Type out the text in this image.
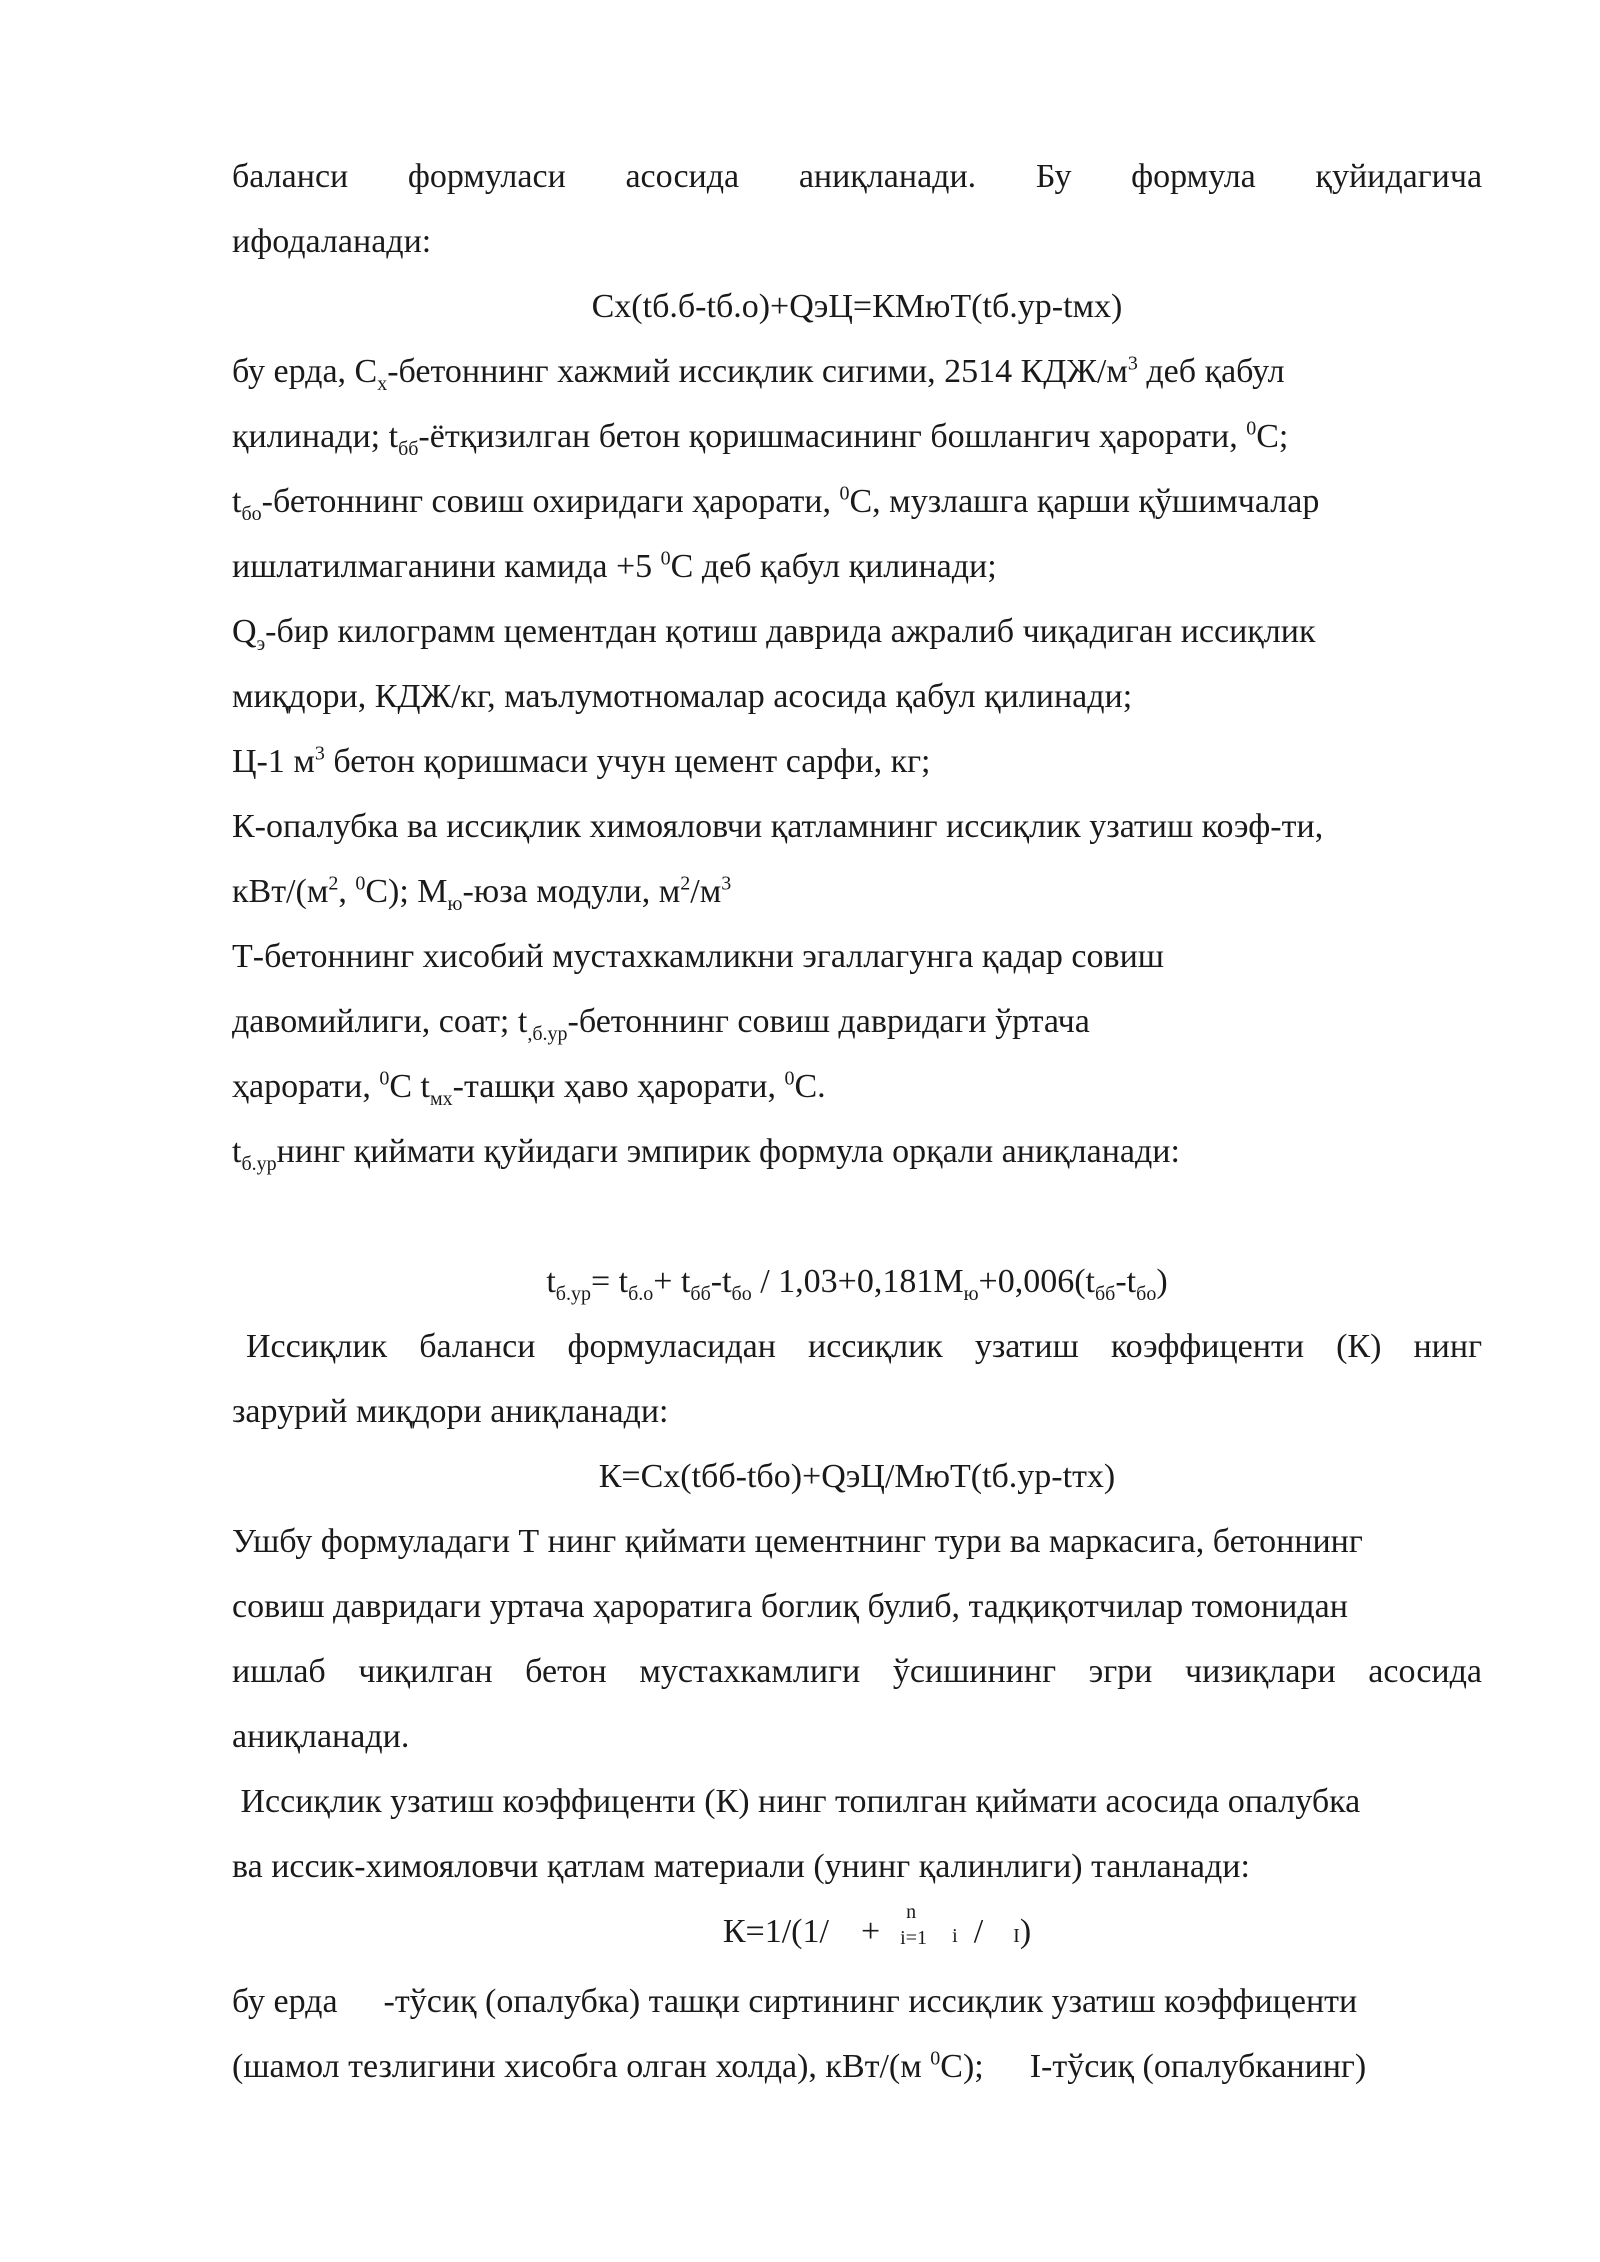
баланси формуласи асосида аниқланади. Бу формула қуйидагича

ифодаланади:

Cx(tб.б-tб.о)+QэЦ=КМюТ(tб.ур-tмх)

бу ерда, $С_х$-бетоннинг хажмий иссиқлик сигими, 2514 КДЖ/$м^3$ деб қабул

қилинади; $t_{бб}$-ётқизилган бетон қоришмасининг бошлангич ҳарорати, $^0$С;

$t_{бо}$-бетоннинг совиш охиридаги ҳарорати, $^0$С, музлашга қарши қўшимчалар

ишлатилмаганини камида +5 $^0$С деб қабул қилинади;

$Q_э$-бир килограмм цементдан қотиш даврида ажралиб чиқадиган иссиқлик

миқдори, КДЖ/кг, маълумотномалар асосида қабул қилинади;

Ц-1 $м^3$ бетон қоришмаси учун цемент сарфи, кг;

К-опалубка ва иссиқлик химояловчи қатламнинг иссиқлик узатиш коэф-ти,

кВт/($м^2$, $^0$С); $М_ю$-юза модули, $м^2/м^3$

Т-бетоннинг хисобий мустахкамликни эгаллагунга қадар совиш

давомийлиги, соат; $t_{,б.ур}$-бетоннинг совиш давридаги ўртача

ҳарорати, $^0$С $t_{мх}$-ташқи ҳаво ҳарорати, $^0$С.

$t_{б.ур}нинг$ қиймати қуйидаги эмпирик формула орқали аниқланади:

$t_{б.ур}= t_{б.о}+ t_{бб}-t_{бо} / 1,03+0,181М_ю+0,006(t_{бб}-t_{бо})$

Иссиқлик баланси формуласидан иссиқлик узатиш коэффиценти (К) нинг

зарурий миқдори аниқланади:

К=Cx(tбб-tбо)+QэЦ/МюТ(tб.ур-tтх)

Ушбу формуладаги Т нинг қиймати цементнинг тури ва маркасига, бетоннинг

совиш давридаги уртача ҳароратига боглиқ булиб, тадқиқотчилар томонидан

ишлаб чиқилган бетон мустахкамлиги ўсишининг эгри чизиқлари асосида

аниқланади.

Иссиқлик узатиш коэффиценти (К) нинг топилган қиймати асосида опалубка

ва иссик-химояловчи қатлам материали (унинг қалинлиги) танланади:

К=1/(1/ +
n
i=1 i / I)

бу ерда -тўсиқ (опалубка) ташқи сиртининг иссиқлик узатиш коэффиценти

(шамол тезлигини хисобга олган холда), кВт/(м $^0$С); I-тўсиқ (опалубканинг)
